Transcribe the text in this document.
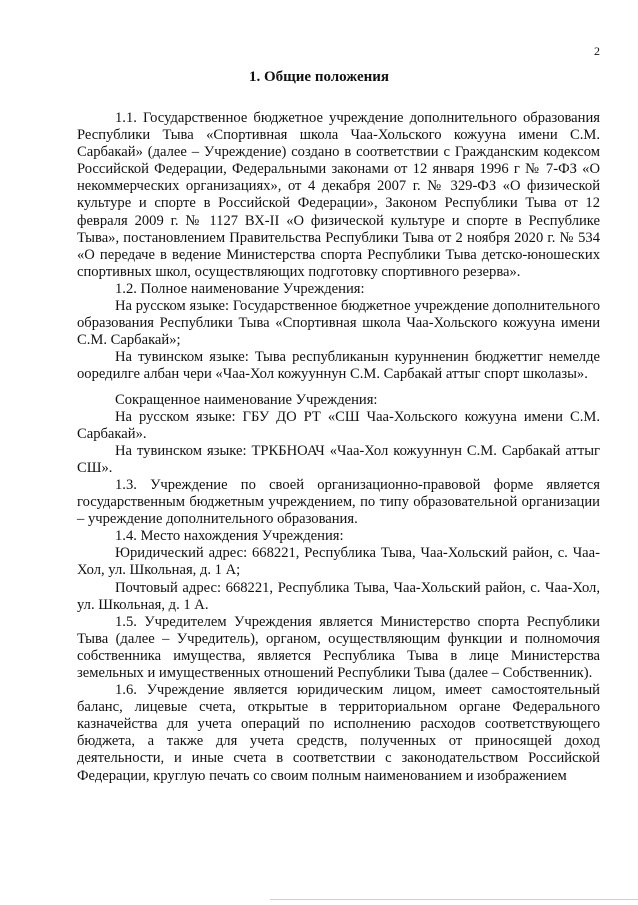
2
1. Общие положения

1.1. Государственное бюджетное учреждение дополнительного образования Республики Тыва «Спортивная школа Чаа-Хольского кожууна имени С.М. Сарбакай» (далее – Учреждение) создано в соответствии с Гражданским кодексом Российской Федерации, Федеральными законами от 12 января 1996 г № 7-ФЗ «О некоммерческих организациях», от 4 декабря 2007 г. № 329-ФЗ «О физической культуре и спорте в Российской Федерации», Законом Республики Тыва от 12 февраля 2009 г. № 1127 ВХ-II «О физической культуре и спорте в Республике Тыва», постановлением Правительства Республики Тыва от 2 ноября 2020 г. № 534 «О передаче в ведение Министерства спорта Республики Тыва детско-юношеских спортивных школ, осуществляющих подготовку спортивного резерва».

1.2. Полное наименование Учреждения:

На русском языке: Государственное бюджетное учреждение дополнительного образования Республики Тыва «Спортивная школа Чаа-Хольского кожууна имени С.М. Сарбакай»;

На тувинском языке: Тыва республиканын курунненин бюджеттиг немелде ооредилге албан чери «Чаа-Хол кожууннун С.М. Сарбакай аттыг спорт школазы».

Сокращенное наименование Учреждения:

На русском языке: ГБУ ДО РТ «СШ Чаа-Хольского кожууна имени С.М. Сарбакай».

На тувинском языке: ТРКБНОАЧ «Чаа-Хол кожууннун С.М. Сарбакай аттыг СШ».

1.3. Учреждение по своей организационно-правовой форме является государственным бюджетным учреждением, по типу образовательной организации – учреждение дополнительного образования.

1.4. Место нахождения Учреждения:

Юридический адрес: 668221, Республика Тыва, Чаа-Хольский район, с. Чаа-Хол, ул. Школьная, д. 1 А;

Почтовый адрес: 668221, Республика Тыва, Чаа-Хольский район, с. Чаа-Хол, ул. Школьная, д. 1 А.

1.5. Учредителем Учреждения является Министерство спорта Республики Тыва (далее – Учредитель), органом, осуществляющим функции и полномочия собственника имущества, является Республика Тыва в лице Министерства земельных и имущественных отношений Республики Тыва (далее – Собственник).

1.6. Учреждение является юридическим лицом, имеет самостоятельный баланс, лицевые счета, открытые в территориальном органе Федерального казначейства для учета операций по исполнению расходов соответствующего бюджета, а также для учета средств, полученных от приносящей доход деятельности, и иные счета в соответствии с законодательством Российской Федерации, круглую печать со своим полным наименованием и изображением
